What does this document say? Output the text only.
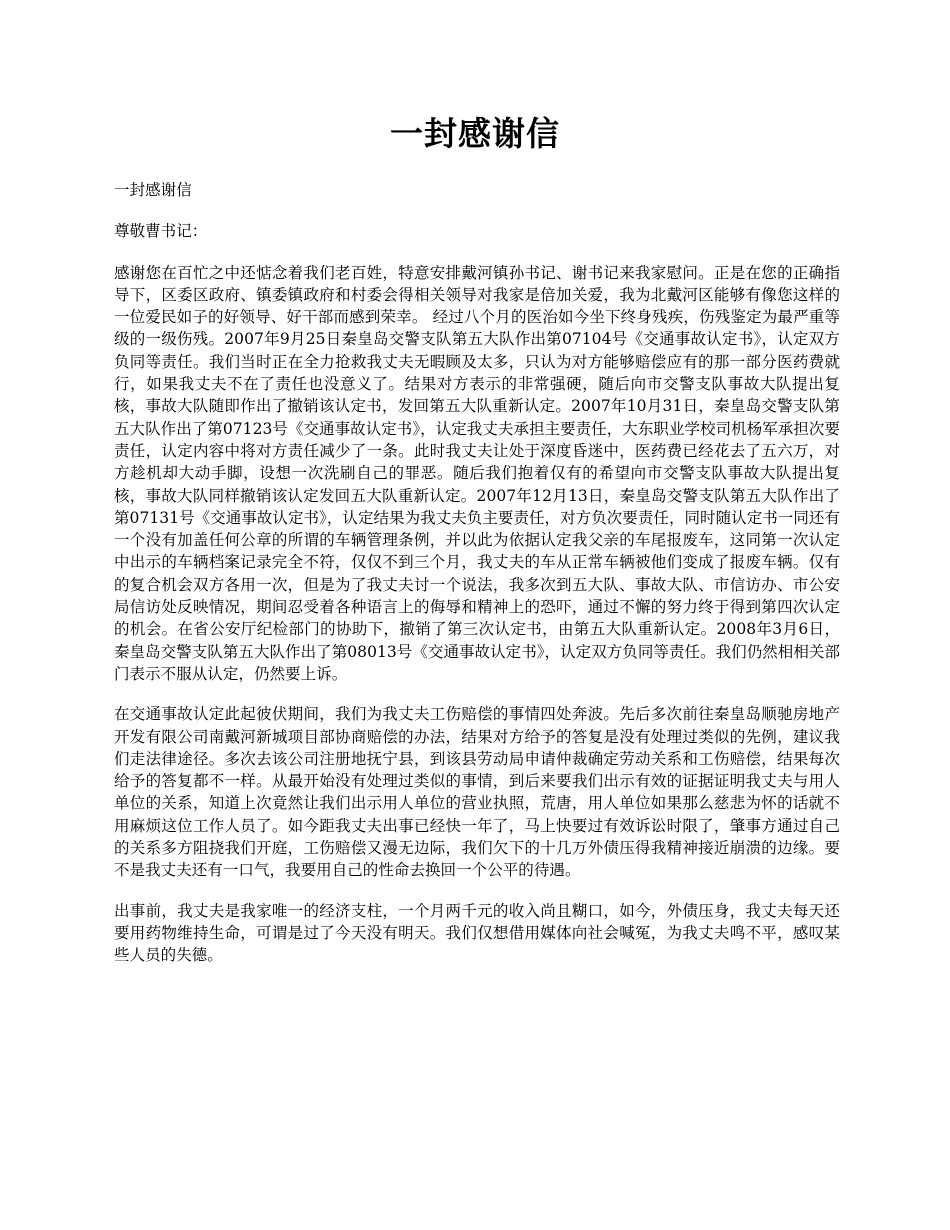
一封感谢信

一封感谢信

尊敬曹书记：

感谢您在百忙之中还惦念着我们老百姓，特意安排戴河镇孙书记、谢书记来我家慰问。正是在您的正确指导下，区委区政府、镇委镇政府和村委会得相关领导对我家是倍加关爱，我为北戴河区能够有像您这样的一位爱民如子的好领导、好干部而感到荣幸。 经过八个月的医治如今坐下终身残疾，伤残鉴定为最严重等级的一级伤残。2007年9月25日秦皇岛交警支队第五大队作出第07104号《交通事故认定书》，认定双方负同等责任。我们当时正在全力抢救我丈夫无暇顾及太多，只认为对方能够赔偿应有的那一部分医药费就行，如果我丈夫不在了责任也没意义了。结果对方表示的非常强硬，随后向市交警支队事故大队提出复核，事故大队随即作出了撤销该认定书，发回第五大队重新认定。2007年10月31日，秦皇岛交警支队第五大队作出了第07123号《交通事故认定书》，认定我丈夫承担主要责任，大东职业学校司机杨军承担次要责任，认定内容中将对方责任减少了一条。此时我丈夫让处于深度昏迷中，医药费已经花去了五六万，对方趁机却大动手脚，设想一次洗刷自己的罪恶。随后我们抱着仅有的希望向市交警支队事故大队提出复核，事故大队同样撤销该认定发回五大队重新认定。2007年12月13日，秦皇岛交警支队第五大队作出了第07131号《交通事故认定书》，认定结果为我丈夫负主要责任，对方负次要责任，同时随认定书一同还有一个没有加盖任何公章的所谓的车辆管理条例，并以此为依据认定我父亲的车尾报废车，这同第一次认定中出示的车辆档案记录完全不符，仅仅不到三个月，我丈夫的车从正常车辆被他们变成了报废车辆。仅有的复合机会双方各用一次，但是为了我丈夫讨一个说法，我多次到五大队、事故大队、市信访办、市公安局信访处反映情况，期间忍受着各种语言上的侮辱和精神上的恐吓，通过不懈的努力终于得到第四次认定的机会。在省公安厅纪检部门的协助下，撤销了第三次认定书，由第五大队重新认定。2008年3月6日，秦皇岛交警支队第五大队作出了第08013号《交通事故认定书》，认定双方负同等责任。我们仍然相相关部门表示不服从认定，仍然要上诉。

在交通事故认定此起彼伏期间，我们为我丈夫工伤赔偿的事情四处奔波。先后多次前往秦皇岛顺驰房地产开发有限公司南戴河新城项目部协商赔偿的办法，结果对方给予的答复是没有处理过类似的先例，建议我们走法律途径。多次去该公司注册地抚宁县，到该县劳动局申请仲裁确定劳动关系和工伤赔偿，结果每次给予的答复都不一样。从最开始没有处理过类似的事情，到后来要我们出示有效的证据证明我丈夫与用人单位的关系，知道上次竟然让我们出示用人单位的营业执照，荒唐，用人单位如果那么慈悲为怀的话就不用麻烦这位工作人员了。如今距我丈夫出事已经快一年了，马上快要过有效诉讼时限了，肇事方通过自己的关系多方阻挠我们开庭，工伤赔偿又漫无边际，我们欠下的十几万外债压得我精神接近崩溃的边缘。要不是我丈夫还有一口气，我要用自己的性命去换回一个公平的待遇。

出事前，我丈夫是我家唯一的经济支柱，一个月两千元的收入尚且糊口，如今，外债压身，我丈夫每天还要用药物维持生命，可谓是过了今天没有明天。我们仅想借用媒体向社会喊冤，为我丈夫鸣不平，感叹某些人员的失德。
